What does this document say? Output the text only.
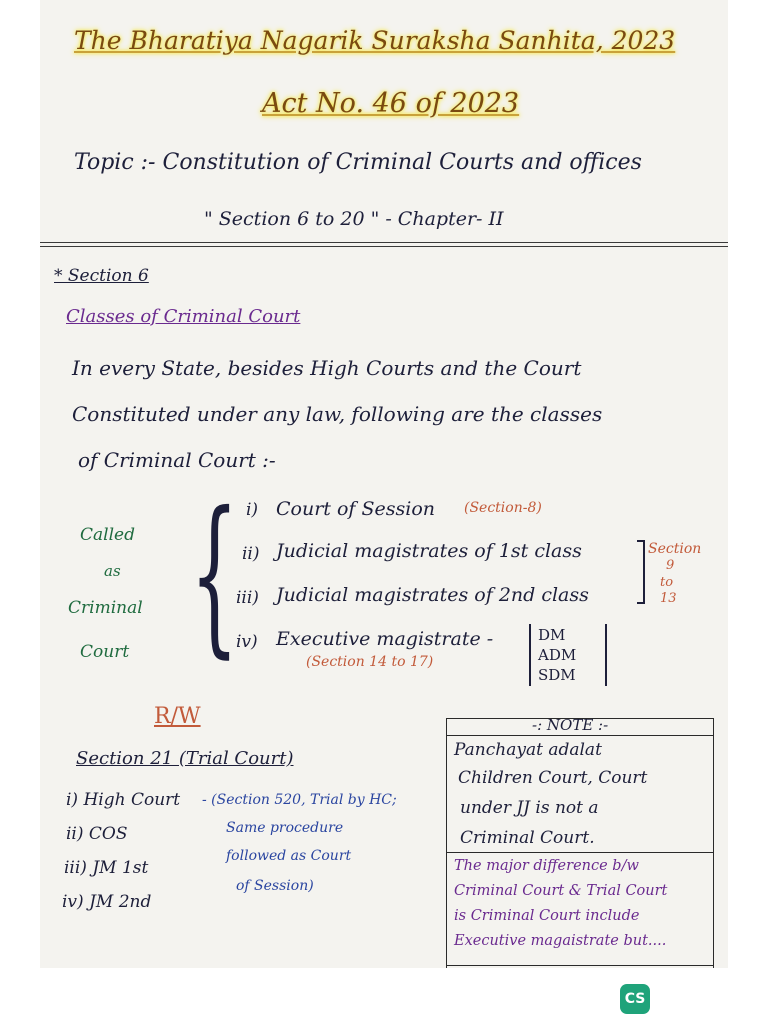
The Bharatiya Nagarik Suraksha Sanhita, 2023
Act No. 46 of 2023
Topic :- Constitution of Criminal Courts and offices
" Section 6 to 20 " - Chapter- II
* Section 6
Classes of Criminal Court
In every State, besides High Courts and the Court
Constituted under any law, following are the classes
of Criminal Court :-
Called
as
Criminal
Court { i) Court of Session (Section-8)
ii) Judicial magistrates of 1st class
iii) Judicial magistrates of 2nd class
iv) Executive magistrate -
(Section 14 to 17)
Section
9
to
13
DM
ADM
SDM
R/W
Section 21 (Trial Court)
i) High Court
ii) COS
iii) JM 1st
iv) JM 2nd
- (Section 520, Trial by HC;
Same procedure
followed as Court
of Session)
-: NOTE :-
Panchayat adalat
Children Court, Court
under JJ is not a
Criminal Court.
The major difference b/w
Criminal Court & Trial Court
is Criminal Court include
Executive magaistrate but....
CS
